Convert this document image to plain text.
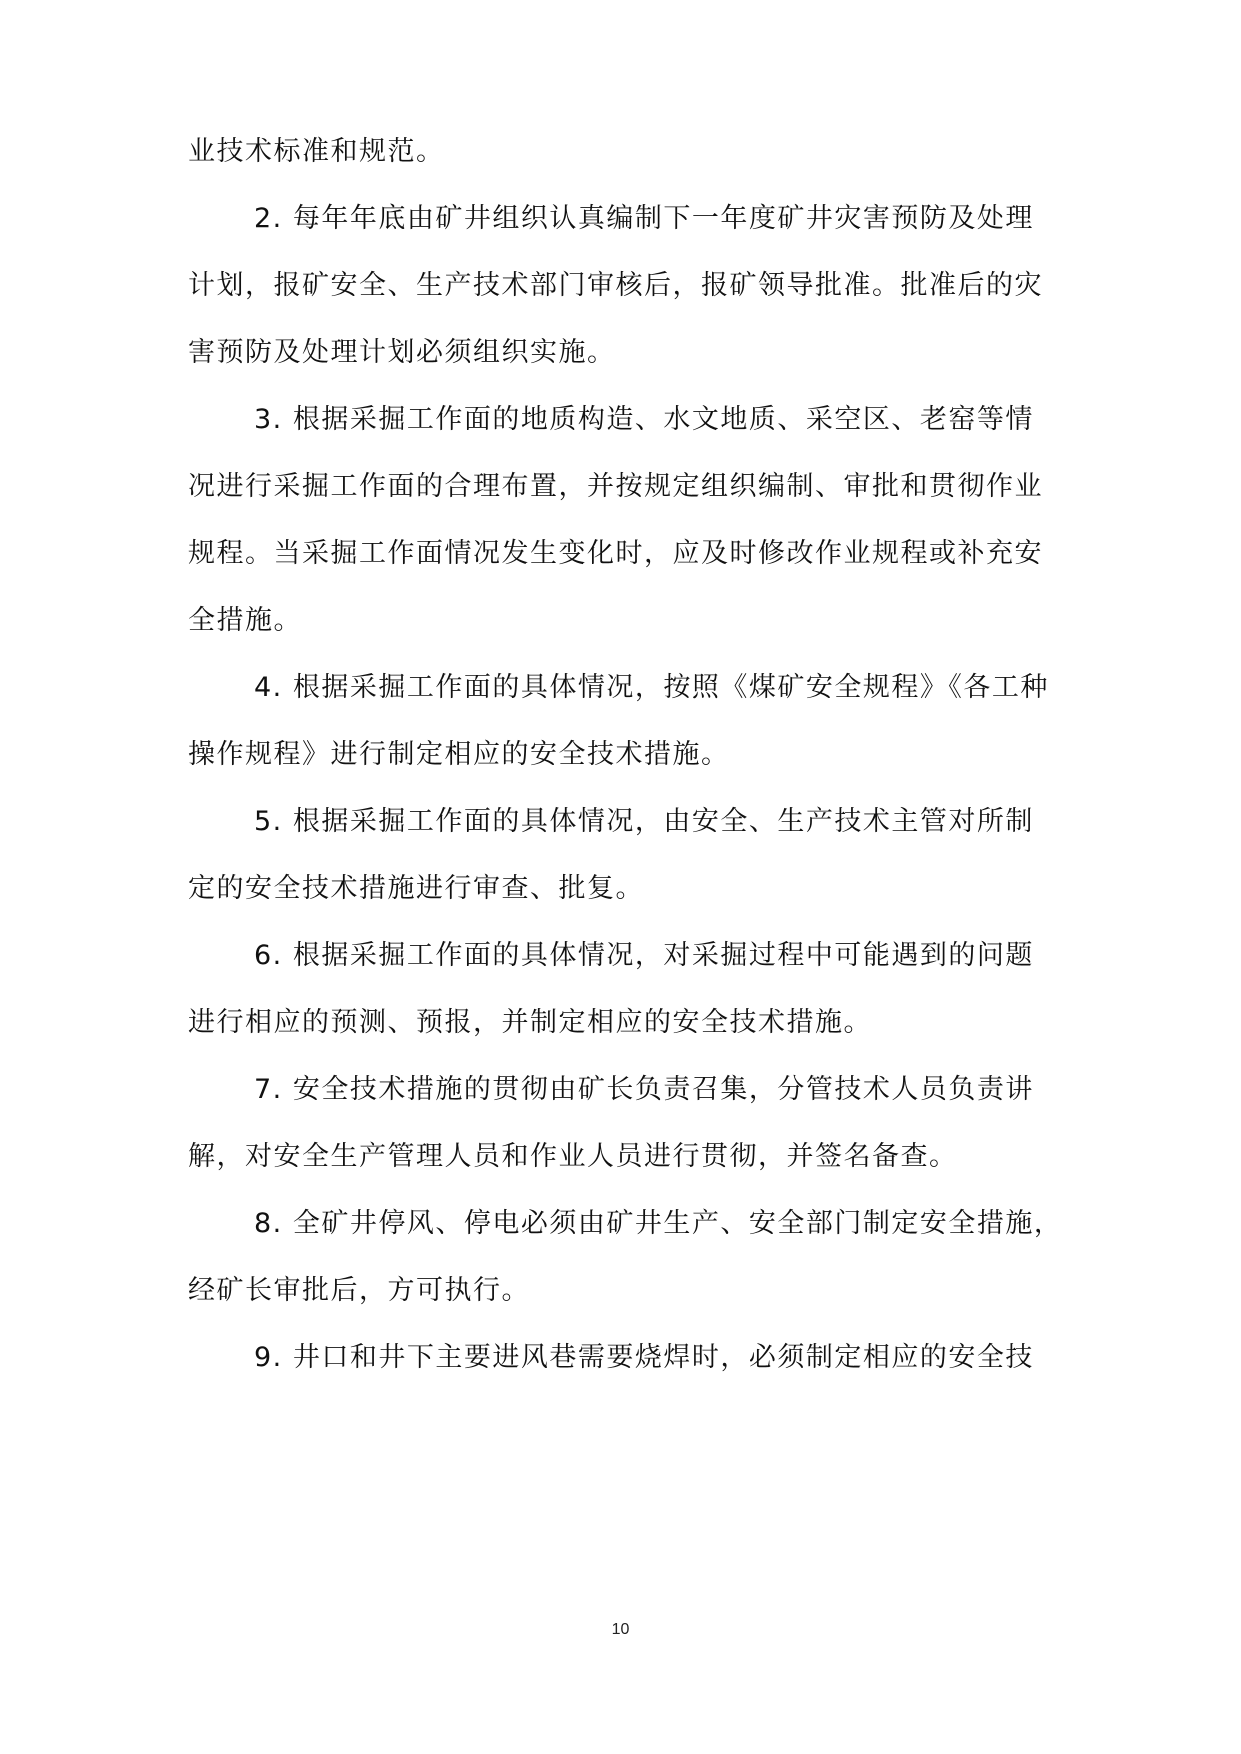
业技术标准和规范。
2. 每年年底由矿井组织认真编制下一年度矿井灾害预防及处理
计划，报矿安全、生产技术部门审核后，报矿领导批准。批准后的灾
害预防及处理计划必须组织实施。
3. 根据采掘工作面的地质构造、水文地质、采空区、老窑等情
况进行采掘工作面的合理布置，并按规定组织编制、审批和贯彻作业
规程。当采掘工作面情况发生变化时，应及时修改作业规程或补充安
全措施。
4. 根据采掘工作面的具体情况，按照《煤矿安全规程》《各工种
操作规程》进行制定相应的安全技术措施。
5. 根据采掘工作面的具体情况，由安全、生产技术主管对所制
定的安全技术措施进行审查、批复。
6. 根据采掘工作面的具体情况，对采掘过程中可能遇到的问题
进行相应的预测、预报，并制定相应的安全技术措施。
7. 安全技术措施的贯彻由矿长负责召集，分管技术人员负责讲
解，对安全生产管理人员和作业人员进行贯彻，并签名备查。
8. 全矿井停风、停电必须由矿井生产、安全部门制定安全措施，
经矿长审批后，方可执行。
9. 井口和井下主要进风巷需要烧焊时，必须制定相应的安全技
10
